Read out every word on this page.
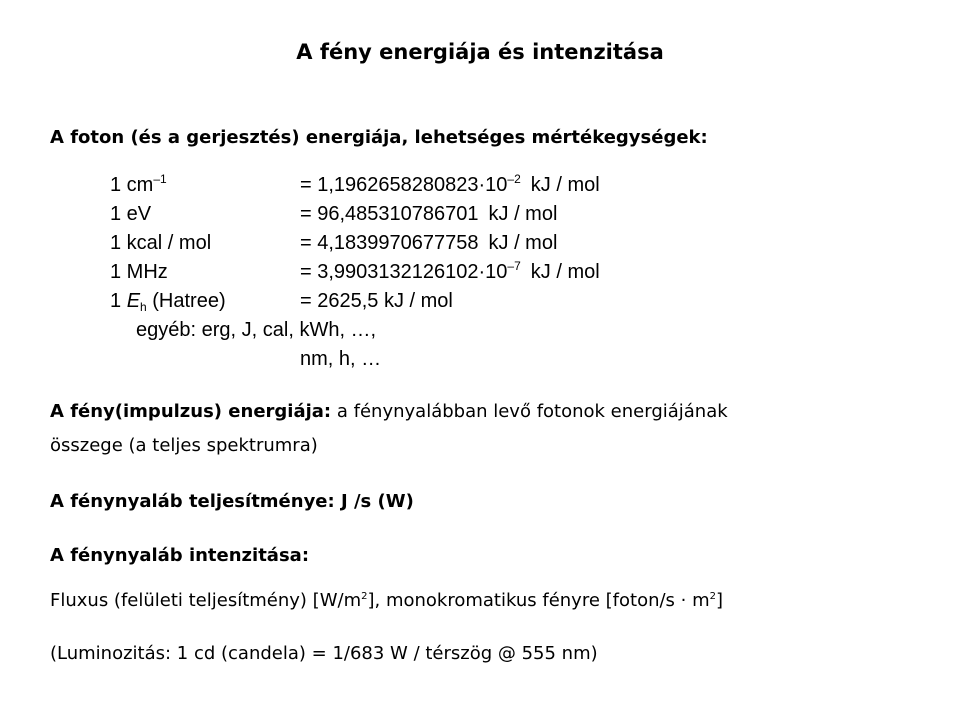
A fény energiája és intenzitása
A foton (és a gerjesztés) energiája, lehetséges mértékegységek:
1 $cm^{-1}$	= $1,1962658280823\cdot 10^{-2}$ kJ / mol
1 eV	= 96,485310786701 kJ / mol
1 kcal / mol	= 4,1839970677758 kJ / mol
1 MHz	= $3,9903132126102\cdot 10^{-7}$ kJ / mol
1 $E_h$ (Hatree)	= 2625,5 kJ / mol
egyéb: erg, J, cal, kWh, …,
nm, h, …
A fény(impulzus) energiája: a fénynyalábban levő fotonok energiájának
összege (a teljes spektrumra)
A fénynyaláb teljesítménye: J /s (W)
A fénynyaláb intenzitása:
Fluxus (felületi teljesítmény) $[W/m^2]$, monokromatikus fényre [foton/s · $m^2$]
(Luminozitás: 1 cd (candela) = 1/683 W / térszög @ 555 nm)
